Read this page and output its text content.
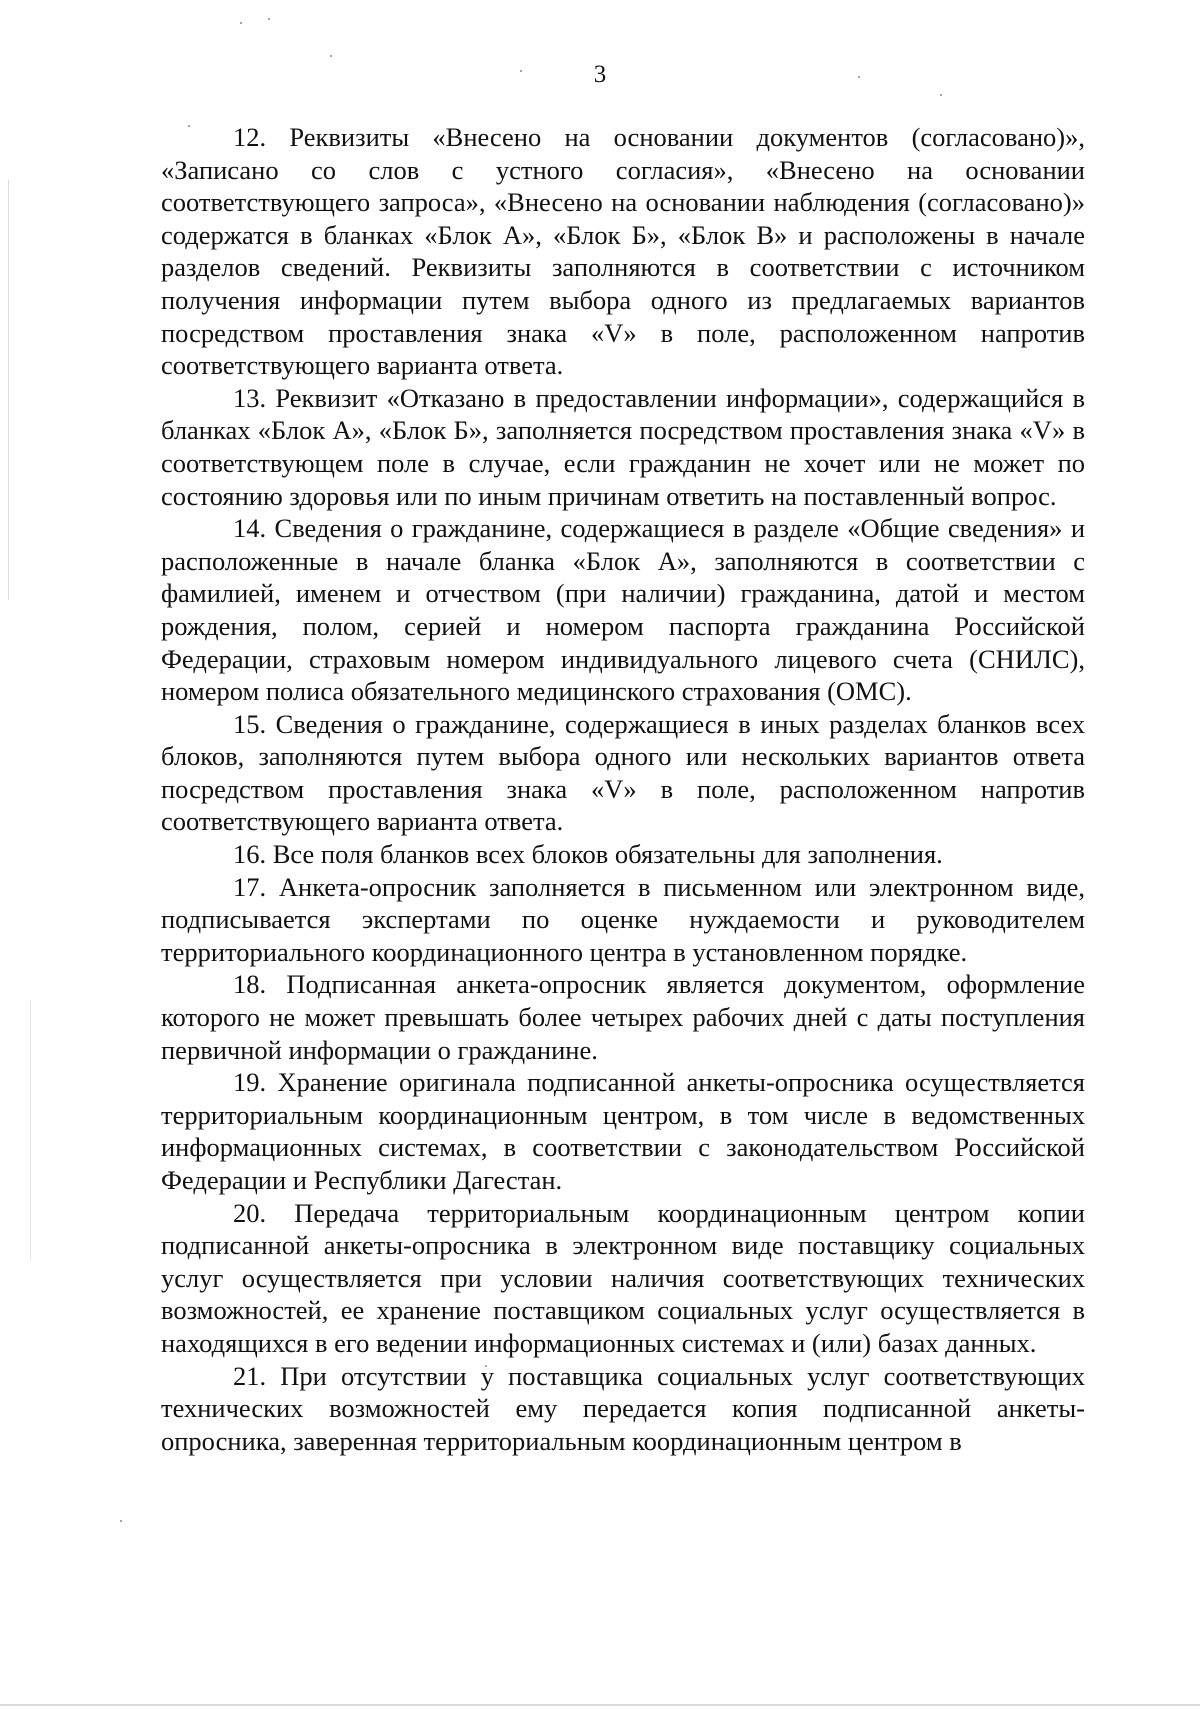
3

12. Реквизиты «Внесено на основании документов (согласовано)», «Записано со слов с устного согласия», «Внесено на основании соответствующего запроса», «Внесено на основании наблюдения (согласовано)» содержатся в бланках «Блок А», «Блок Б», «Блок В» и расположены в начале разделов сведений. Реквизиты заполняются в соответствии с источником получения информации путем выбора одного из предлагаемых вариантов посредством проставления знака «V» в поле, расположенном напротив соответствующего варианта ответа.

13. Реквизит «Отказано в предоставлении информации», содержащийся в бланках «Блок А», «Блок Б», заполняется посредством проставления знака «V» в соответствующем поле в случае, если гражданин не хочет или не может по состоянию здоровья или по иным причинам ответить на поставленный вопрос.

14. Сведения о гражданине, содержащиеся в разделе «Общие сведения» и расположенные в начале бланка «Блок А», заполняются в соответствии с фамилией, именем и отчеством (при наличии) гражданина, датой и местом рождения, полом, серией и номером паспорта гражданина Российской Федерации, страховым номером индивидуального лицевого счета (СНИЛС), номером полиса обязательного медицинского страхования (ОМС).

15. Сведения о гражданине, содержащиеся в иных разделах бланков всех блоков, заполняются путем выбора одного или нескольких вариантов ответа посредством проставления знака «V» в поле, расположенном напротив соответствующего варианта ответа.

16. Все поля бланков всех блоков обязательны для заполнения.

17. Анкета-опросник заполняется в письменном или электронном виде, подписывается экспертами по оценке нуждаемости и руководителем территориального координационного центра в установленном порядке.

18. Подписанная анкета-опросник является документом, оформление которого не может превышать более четырех рабочих дней с даты поступления первичной информации о гражданине.

19. Хранение оригинала подписанной анкеты-опросника осуществляется территориальным координационным центром, в том числе в ведомственных информационных системах, в соответствии с законодательством Российской Федерации и Республики Дагестан.

20. Передача территориальным координационным центром копии подписанной анкеты-опросника в электронном виде поставщику социальных услуг осуществляется при условии наличия соответствующих технических возможностей, ее хранение поставщиком социальных услуг осуществляется в находящихся в его ведении информационных системах и (или) базах данных.

21. При отсутствии у поставщика социальных услуг соответствующих технических возможностей ему передается копия подписанной анкеты-опросника, заверенная территориальным координационным центром в
